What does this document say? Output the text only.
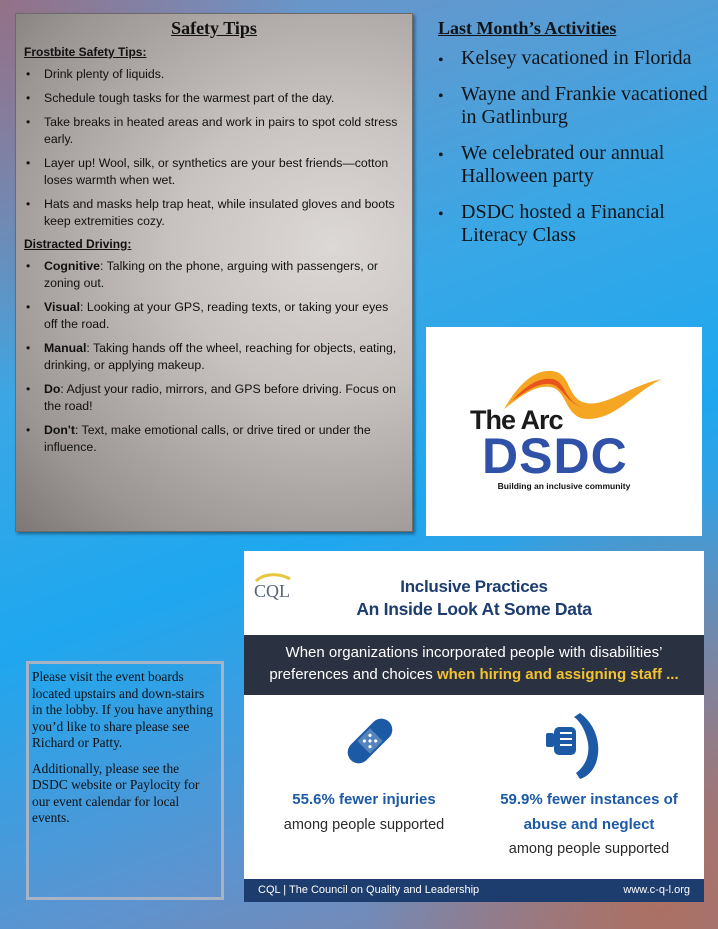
Safety Tips
Frostbite Safety Tips:
• Drink plenty of liquids.
• Schedule tough tasks for the warmest part of the day.
• Take breaks in heated areas and work in pairs to spot cold stress early.
• Layer up! Wool, silk, or synthetics are your best friends—cotton loses warmth when wet.
• Hats and masks help trap heat, while insulated gloves and boots keep extremities cozy.
Distracted Driving:
• Cognitive: Talking on the phone, arguing with passengers, or zoning out.
• Visual: Looking at your GPS, reading texts, or taking your eyes off the road.
• Manual: Taking hands off the wheel, reaching for objects, eating, drinking, or applying makeup.
• Do: Adjust your radio, mirrors, and GPS before driving. Focus on the road!
• Don't: Text, make emotional calls, or drive tired or under the influence.
Last Month’s Activities
• Kelsey vacationed in Florida
• Wayne and Frankie vacationed in Gatlinburg
• We celebrated our annual Halloween party
• DSDC hosted a Financial Literacy Class
The Arc
DSDC
Building an inclusive community

Please visit the event boards located upstairs and down-stairs in the lobby. If you have anything you’d like to share please see Richard or Patty.

Additionally, please see the DSDC website or Paylocity for our event calendar for local events.

CQL	Inclusive Practices
An Inside Look At Some Data
When organizations incorporated people with disabilities’
preferences and choices when hiring and assigning staff ...
55.6% fewer injuries
among people supported
59.9% fewer instances of
abuse and neglect
among people supported
CQL | The Council on Quality and Leadership	www.c-q-l.org
